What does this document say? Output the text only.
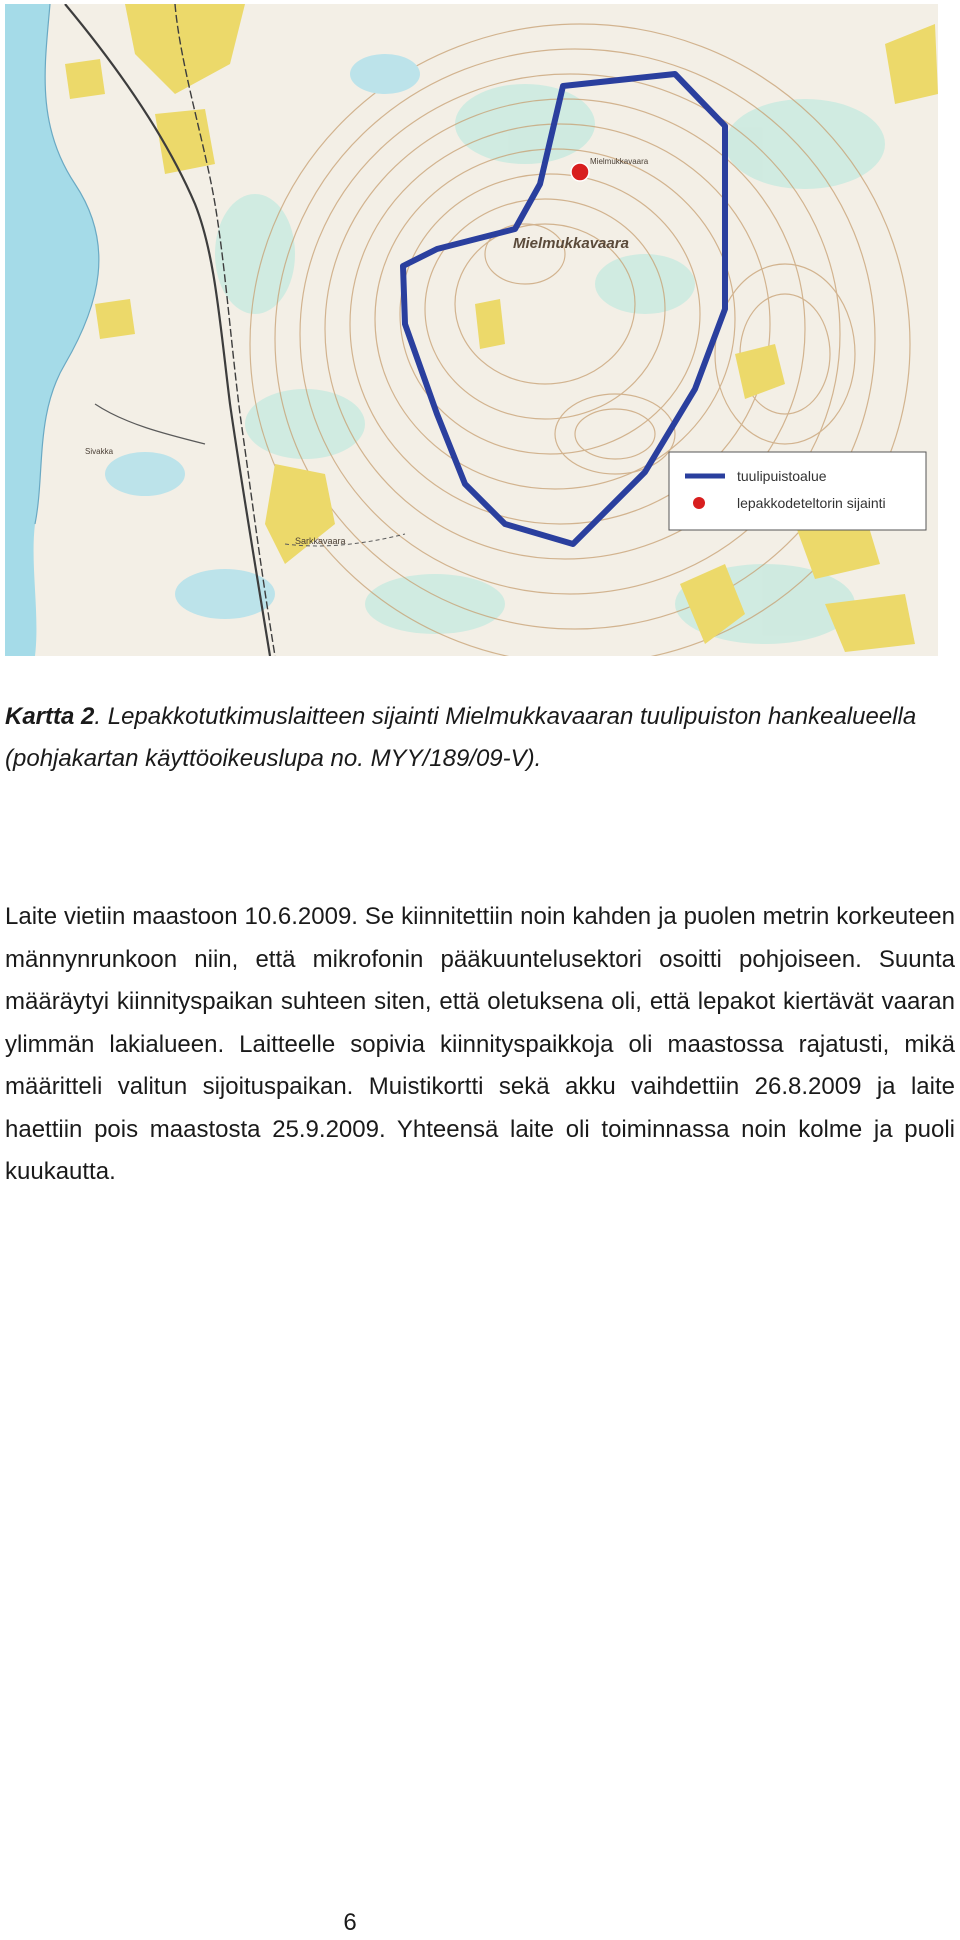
Sarkkavaara
Sivakka
Mielmukkavaara
Mielmukkavaara
tuulipuistoalue
lepakkodeteltorin sijainti

Kartta 2. Lepakkotutkimuslaitteen sijainti Mielmukkavaaran tuulipuiston hankealueella (pohjakartan käyttöoikeuslupa no. MYY/189/09-V).

Laite vietiin maastoon 10.6.2009. Se kiinnitettiin noin kahden ja puolen metrin korkeuteen männynrunkoon niin, että mikrofonin pääkuuntelusektori osoitti pohjoiseen. Suunta määräytyi kiinnityspaikan suhteen siten, että oletuksena oli, että lepakot kiertävät vaaran ylimmän lakialueen. Laitteelle sopivia kiinnityspaikkoja oli maastossa rajatusti, mikä määritteli valitun sijoituspaikan. Muistikortti sekä akku vaihdettiin 26.8.2009 ja laite haettiin pois maastosta 25.9.2009. Yhteensä laite oli toiminnassa noin kolme ja puoli kuukautta.

6
